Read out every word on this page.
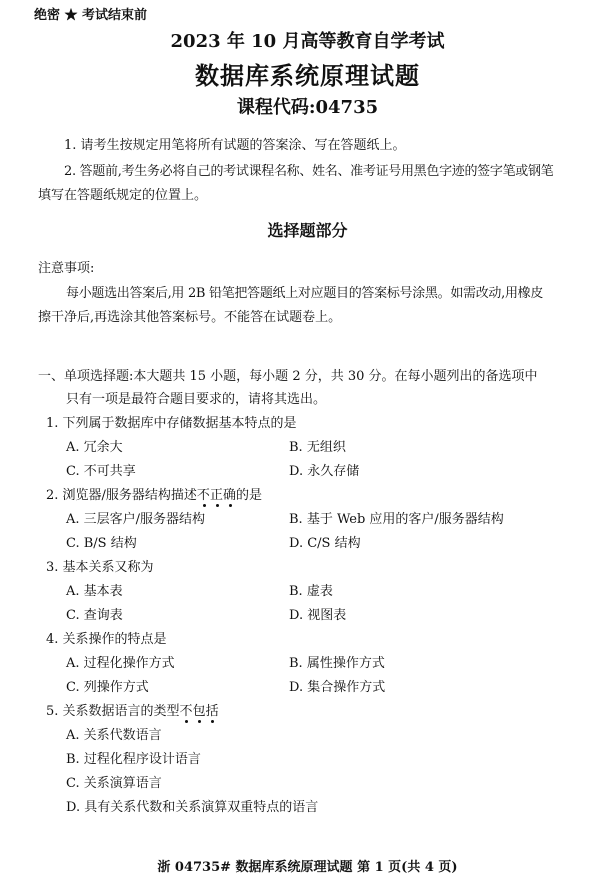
绝密 ★ 考试结束前
2023 年 10 月高等教育自学考试
数据库系统原理试题
课程代码:04735
1. 请考生按规定用笔将所有试题的答案涂、写在答题纸上。
2. 答题前,考生务必将自己的考试课程名称、姓名、准考证号用黑色字迹的签字笔或钢笔
填写在答题纸规定的位置上。
选择题部分
注意事项:
每小题选出答案后,用 2B 铅笔把答题纸上对应题目的答案标号涂黑。如需改动,用橡皮
擦干净后,再选涂其他答案标号。不能答在试题卷上。
一、单项选择题:本大题共 15 小题，每小题 2 分，共 30 分。在每小题列出的备选项中
只有一项是最符合题目要求的，请将其选出。
1. 下列属于数据库中存储数据基本特点的是
A. 冗余大	B. 无组织
C. 不可共享	D. 永久存储
2. 浏览器/服务器结构描述不正确的是
A. 三层客户/服务器结构	B. 基于 Web 应用的客户/服务器结构
C. B/S 结构	D. C/S 结构
3. 基本关系又称为
A. 基本表	B. 虚表
C. 查询表	D. 视图表
4. 关系操作的特点是
A. 过程化操作方式	B. 属性操作方式
C. 列操作方式	D. 集合操作方式
5. 关系数据语言的类型不包括
A. 关系代数语言
B. 过程化程序设计语言
C. 关系演算语言
D. 具有关系代数和关系演算双重特点的语言
浙 04735# 数据库系统原理试题 第 1 页(共 4 页)
